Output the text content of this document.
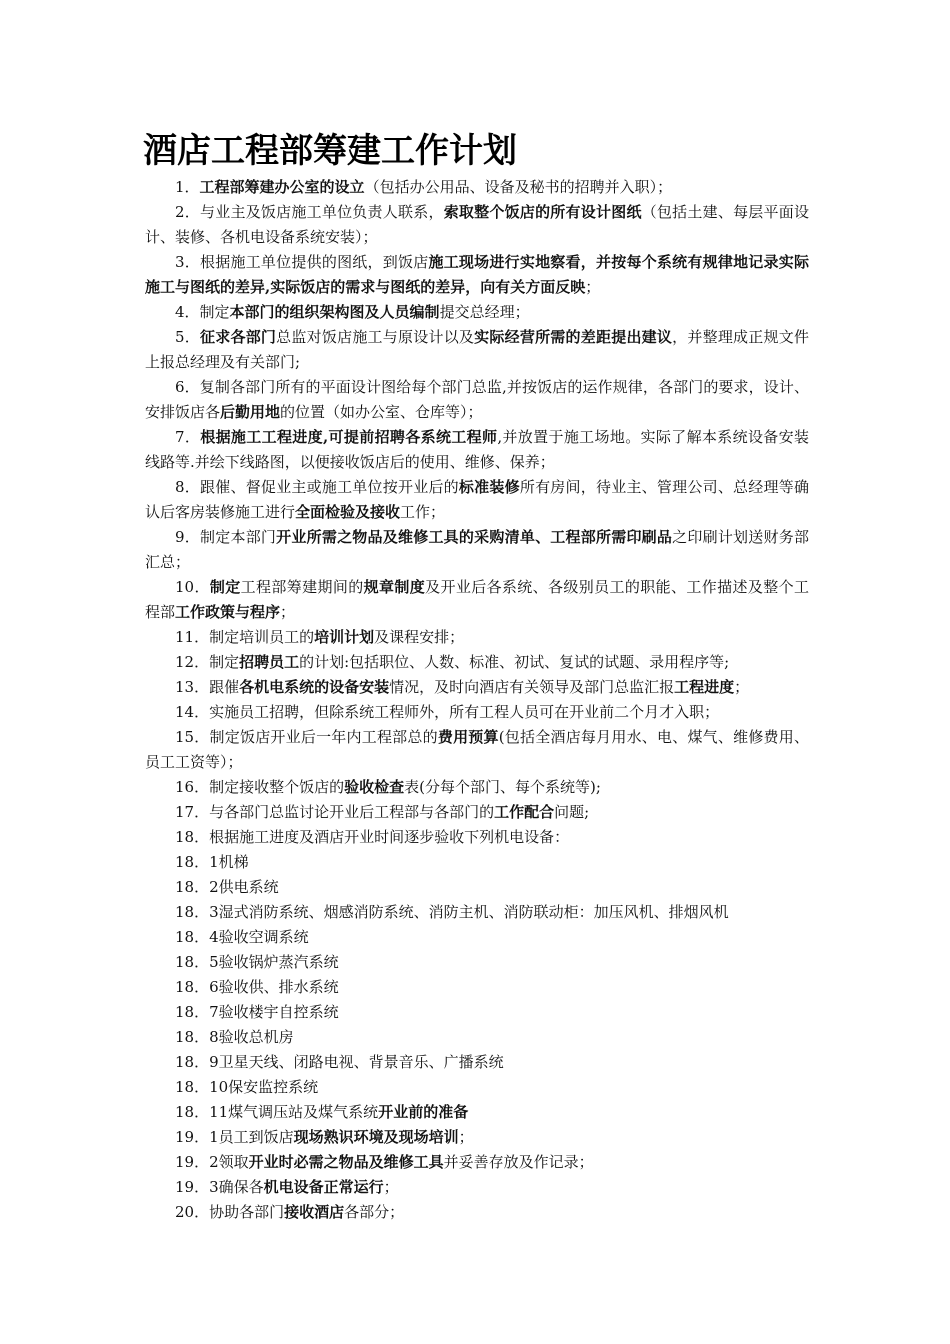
酒店工程部筹建工作计划

1．工程部筹建办公室的设立（包括办公用品、设备及秘书的招聘并入职）；

2．与业主及饭店施工单位负责人联系，索取整个饭店的所有设计图纸（包括土建、每层平面设计、装修、各机电设备系统安装）；

3．根据施工单位提供的图纸，到饭店施工现场进行实地察看，并按每个系统有规律地记录实际施工与图纸的差异,实际饭店的需求与图纸的差异，向有关方面反映；

4．制定本部门的组织架构图及人员编制提交总经理；

5．征求各部门总监对饭店施工与原设计以及实际经营所需的差距提出建议，并整理成正规文件上报总经理及有关部门;

6．复制各部门所有的平面设计图给每个部门总监,并按饭店的运作规律，各部门的要求，设计、安排饭店各后勤用地的位置（如办公室、仓库等）；

7．根据施工工程进度,可提前招聘各系统工程师,并放置于施工场地。实际了解本系统设备安装线路等.并绘下线路图，以便接收饭店后的使用、维修、保养；

8．跟催、督促业主或施工单位按开业后的标准装修所有房间，待业主、管理公司、总经理等确认后客房装修施工进行全面检验及接收工作；

9．制定本部门开业所需之物品及维修工具的采购清单、工程部所需印刷品之印刷计划送财务部汇总；

10．制定工程部筹建期间的规章制度及开业后各系统、各级别员工的职能、工作描述及整个工程部工作政策与程序；

11．制定培训员工的培训计划及课程安排；

12．制定招聘员工的计划:包括职位、人数、标准、初试、复试的试题、录用程序等;

13．跟催各机电系统的设备安装情况，及时向酒店有关领导及部门总监汇报工程进度；

14．实施员工招聘，但除系统工程师外，所有工程人员可在开业前二个月才入职；

15．制定饭店开业后一年内工程部总的费用预算(包括全酒店每月用水、电、煤气、维修费用、员工工资等）；

16．制定接收整个饭店的验收检查表(分每个部门、每个系统等);

17．与各部门总监讨论开业后工程部与各部门的工作配合问题;

18．根据施工进度及酒店开业时间逐步验收下列机电设备：

18．1机梯

18．2供电系统

18．3湿式消防系统、烟感消防系统、消防主机、消防联动柜：加压风机、排烟风机

18．4验收空调系统

18．5验收锅炉蒸汽系统

18．6验收供、排水系统

18．7验收楼宇自控系统

18．8验收总机房

18．9卫星天线、闭路电视、背景音乐、广播系统

18．10保安监控系统

18．11煤气调压站及煤气系统开业前的准备

19．1员工到饭店现场熟识环境及现场培训；

19．2领取开业时必需之物品及维修工具并妥善存放及作记录；

19．3确保各机电设备正常运行；

20．协助各部门接收酒店各部分；
